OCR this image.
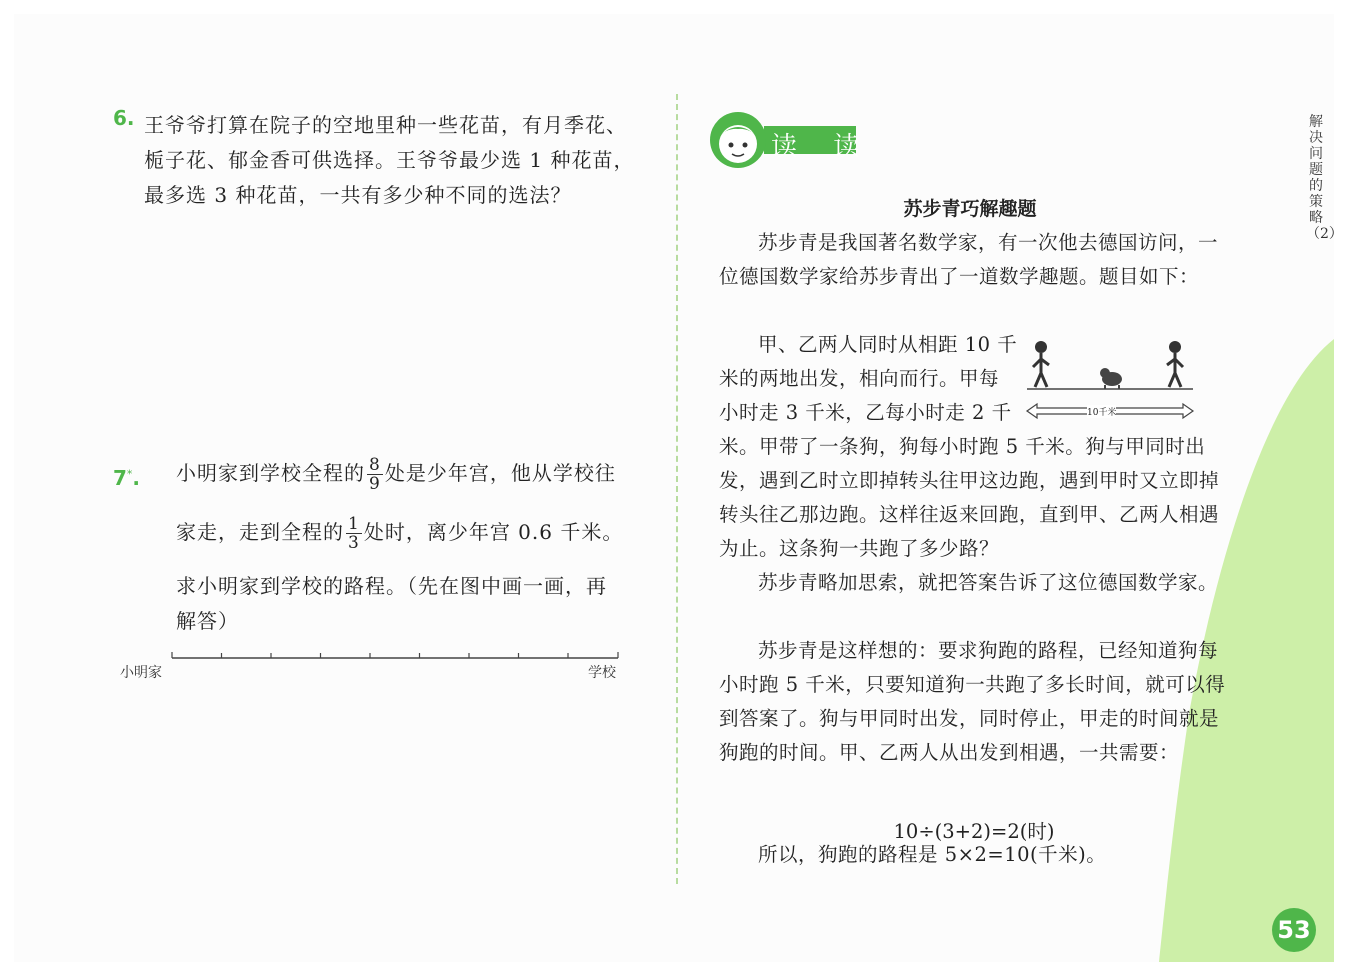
6. 王爷爷打算在院子的空地里种一些花苗，有月季花、栀子花、郁金香可供选择。王爷爷最少选 1 种花苗，最多选 3 种花苗，一共有多少种不同的选法？
7*. 小明家到学校全程的 $\frac{8}{9}$ 处是少年宫，他从学校往
家走，走到全程的 $\frac{1}{3}$ 处时，离少年宫 0.6 千米。
求小明家到学校的路程。（先在图中画一画，再
解答）
小明家	学校
读 读
苏步青巧解趣题
苏步青是我国著名数学家，有一次他去德国访问，一位德国数学家给苏步青出了一道数学趣题。题目如下：
甲、乙两人同时从相距 10 千
米的两地出发，相向而行。甲每
小时走 3 千米，乙每小时走 2 千
米。甲带了一条狗，狗每小时跑 5 千米。狗与甲同时出发，遇到乙时立即掉转头往甲这边跑，遇到甲时又立即掉转头往乙那边跑。这样往返来回跑，直到甲、乙两人相遇为止。这条狗一共跑了多少路？
10千米
苏步青略加思索，就把答案告诉了这位德国数学家。
苏步青是这样想的：要求狗跑的路程，已经知道狗每小时跑 5 千米，只要知道狗一共跑了多长时间，就可以得到答案了。狗与甲同时出发，同时停止，甲走的时间就是狗跑的时间。甲、乙两人从出发到相遇，一共需要：
10÷(3+2)=2(时)
所以，狗跑的路程是 5×2=10(千米)。
解决问题的策略（2）
53
